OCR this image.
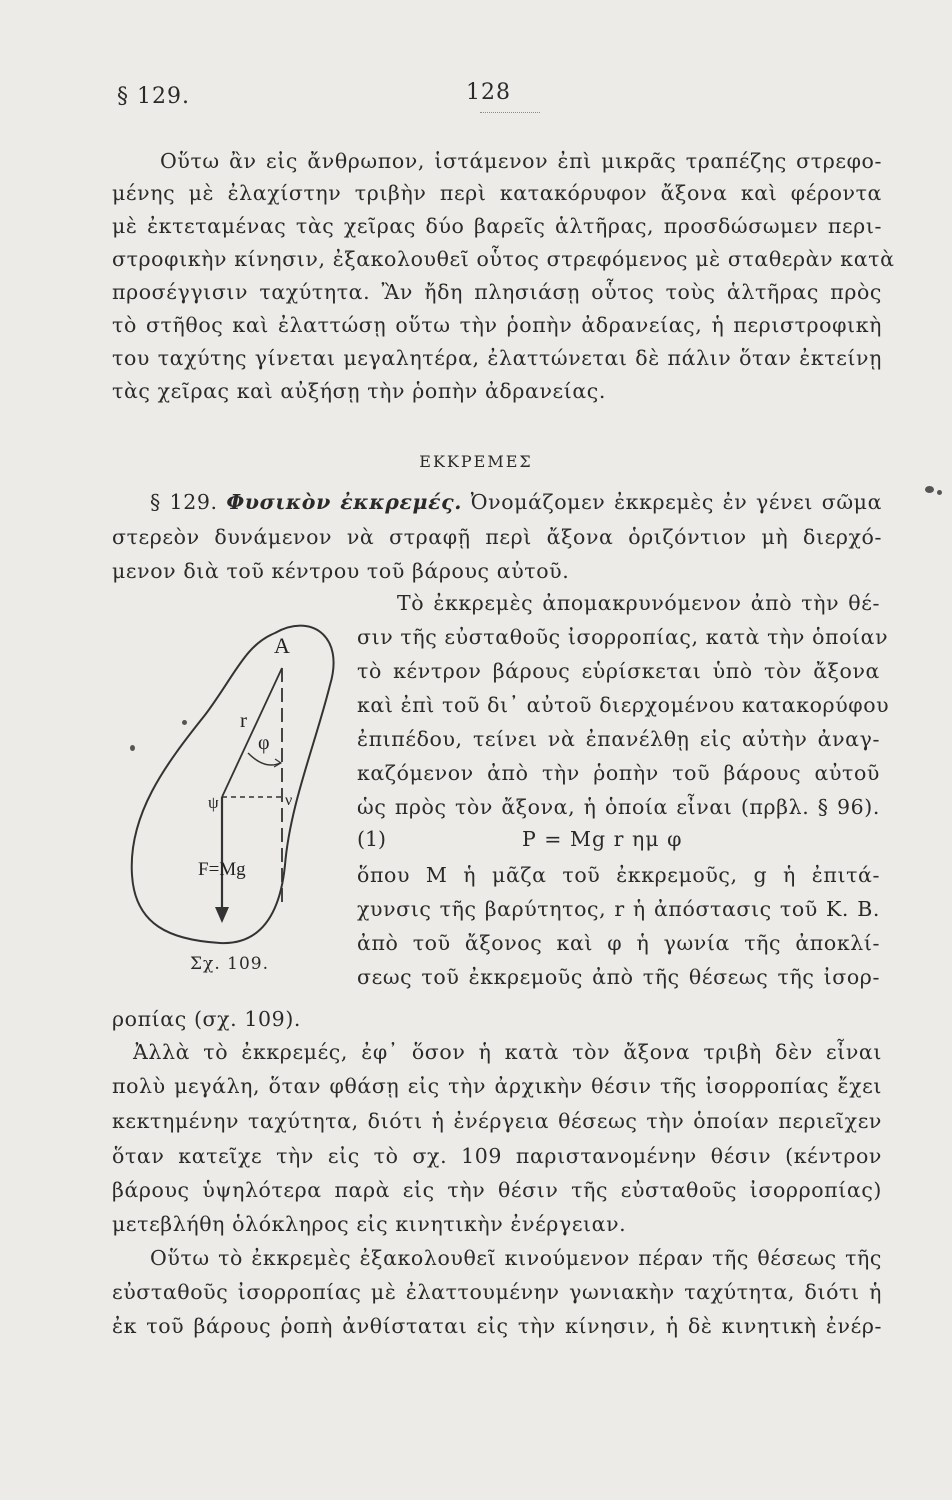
§ 129.	128
Οὕτω ἂν εἰς ἄνθρωπον, ἱστάμενον ἐπὶ μικρᾶς τραπέζης στρεφο-
μένης μὲ ἐλαχίστην τριβὴν περὶ κατακόρυφον ἄξονα καὶ φέροντα
μὲ ἐκτεταμένας τὰς χεῖρας δύο βαρεῖς ἁλτῆρας, προσδώσωμεν περι-
στροφικὴν κίνησιν, ἐξακολουθεῖ οὗτος στρεφόμενος μὲ σταθερὰν κατὰ
προσέγγισιν ταχύτητα. Ἂν ἤδη πλησιάσῃ οὗτος τοὺς ἁλτῆρας πρὸς
τὸ στῆθος καὶ ἐλαττώσῃ οὕτω τὴν ῥοπὴν ἀδρανείας, ἡ περιστροφικὴ
του ταχύτης γίνεται μεγαλητέρα, ἐλαττώνεται δὲ πάλιν ὅταν ἐκτείνῃ
τὰς χεῖρας καὶ αὐξήσῃ τὴν ῥοπὴν ἀδρανείας.
ΕΚΚΡΕΜΕΣ
§ 129. Φυσικὸν ἐκκρεμές. Ὀνομάζομεν ἐκκρεμὲς ἐν γένει σῶμα
στερεὸν δυνάμενον νὰ στραφῇ περὶ ἄξονα ὁριζόντιον μὴ διερχό-
μενον διὰ τοῦ κέντρου τοῦ βάρους αὐτοῦ.
Τὸ ἐκκρεμὲς ἀπομακρυνόμενον ἀπὸ τὴν θέ-
σιν τῆς εὐσταθοῦς ἰσορροπίας, κατὰ τὴν ὁποίαν
τὸ κέντρον βάρους εὑρίσκεται ὑπὸ τὸν ἄξονα
καὶ ἐπὶ τοῦ δι᾽ αὐτοῦ διερχομένου κατακορύφου
ἐπιπέδου, τείνει νὰ ἐπανέλθῃ εἰς αὐτὴν ἀναγ-
καζόμενον ἀπὸ τὴν ῥοπὴν τοῦ βάρους αὐτοῦ
ὡς πρὸς τὸν ἄξονα, ἡ ὁποία εἶναι (πρβλ. § 96).
(1)	P = Mg r ημ φ
ὅπου M ἡ μᾶζα τοῦ ἐκκρεμοῦς, g ἡ ἐπιτά-
χυνσις τῆς βαρύτητος, r ἡ ἀπόστασις τοῦ K. B.
ἀπὸ τοῦ ἄξονος καὶ φ ἡ γωνία τῆς ἀποκλί-
σεως τοῦ ἐκκρεμοῦς ἀπὸ τῆς θέσεως τῆς ἰσορ-
ροπίας (σχ. 109).
A
r
φ
ψ	ν
F=Mg
Σχ. 109.
Ἀλλὰ τὸ ἐκκρεμές, ἐφ᾽ ὅσον ἡ κατὰ τὸν ἄξονα τριβὴ δὲν εἶναι
πολὺ μεγάλη, ὅταν φθάσῃ εἰς τὴν ἀρχικὴν θέσιν τῆς ἰσορροπίας ἔχει
κεκτημένην ταχύτητα, διότι ἡ ἐνέργεια θέσεως τὴν ὁποίαν περιεῖχεν
ὅταν κατεῖχε τὴν εἰς τὸ σχ. 109 παριστανομένην θέσιν (κέντρον
βάρους ὑψηλότερα παρὰ εἰς τὴν θέσιν τῆς εὐσταθοῦς ἰσορροπίας)
μετεβλήθη ὁλόκληρος εἰς κινητικὴν ἐνέργειαν.
Οὕτω τὸ ἐκκρεμὲς ἐξακολουθεῖ κινούμενον πέραν τῆς θέσεως τῆς
εὐσταθοῦς ἰσορροπίας μὲ ἐλαττουμένην γωνιακὴν ταχύτητα, διότι ἡ
ἐκ τοῦ βάρους ῥοπὴ ἀνθίσταται εἰς τὴν κίνησιν, ἡ δὲ κινητικὴ ἐνέρ-
